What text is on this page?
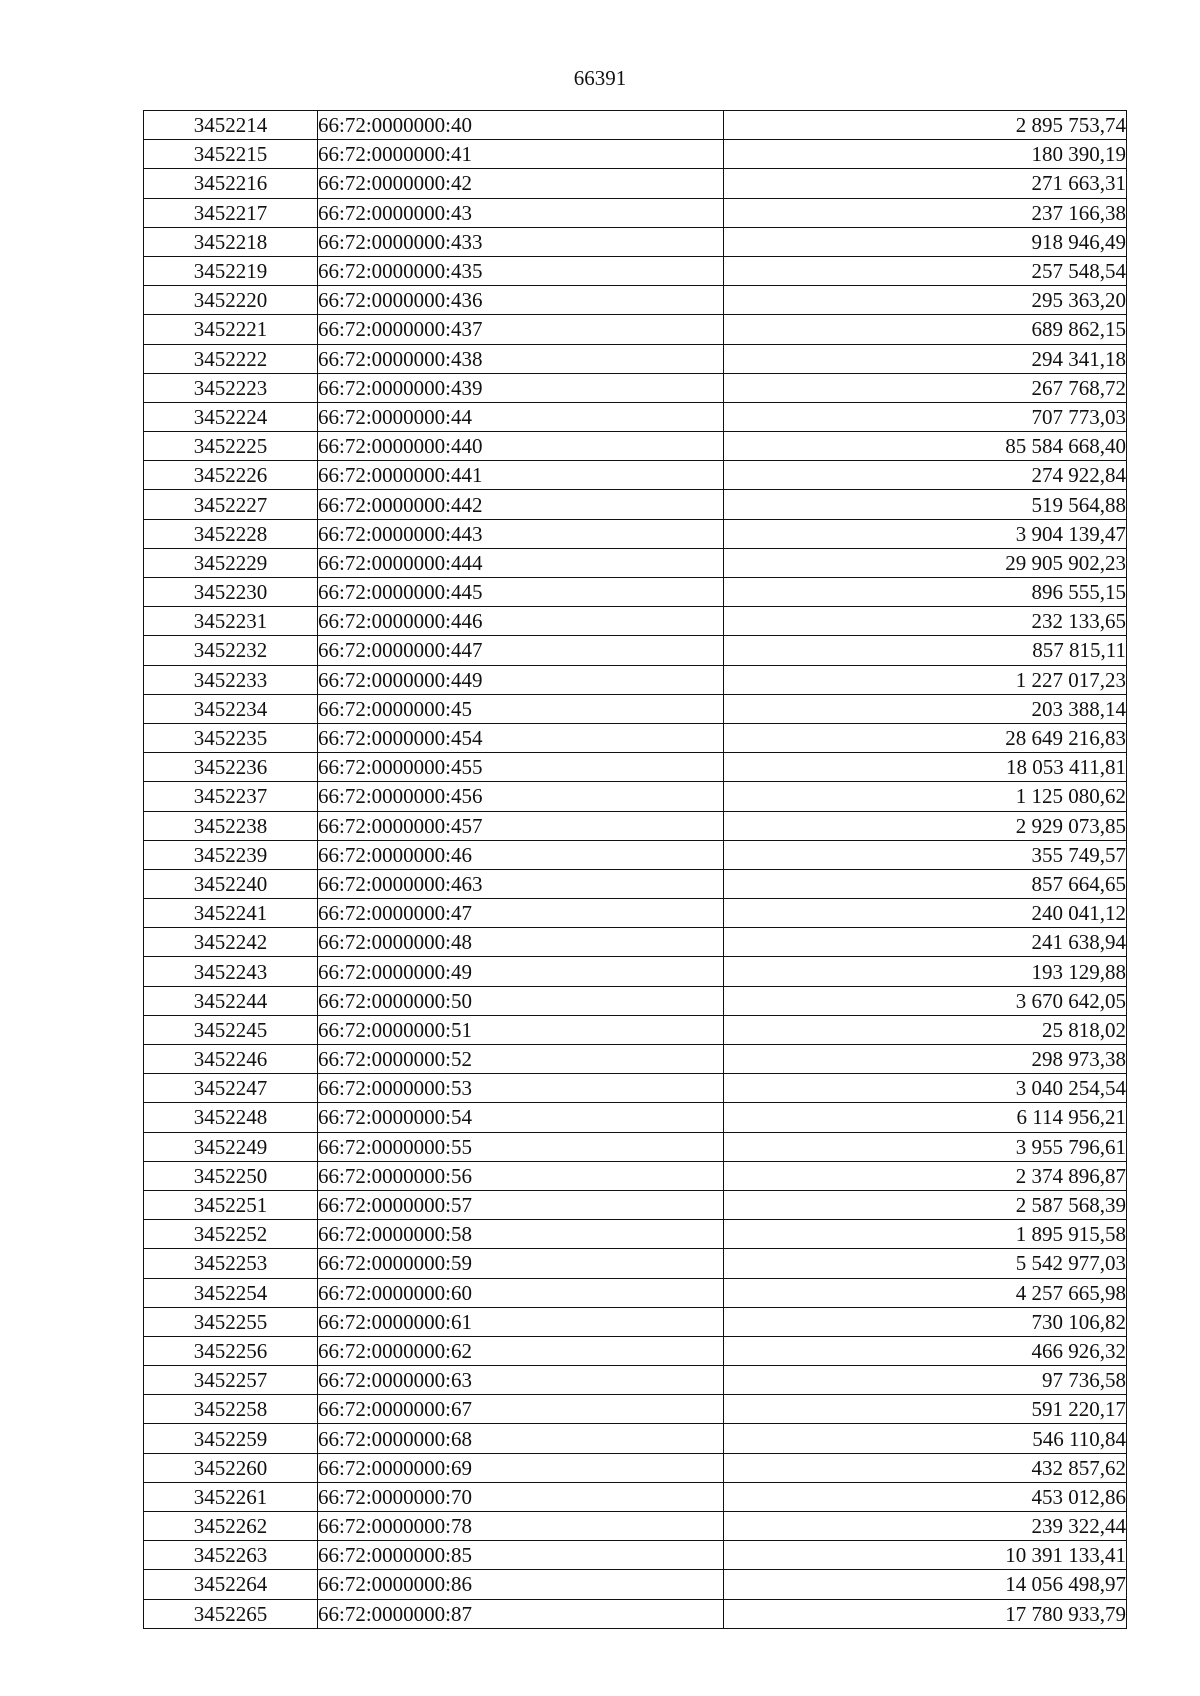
66391
3452214	66:72:0000000:40	2 895 753,74
3452215	66:72:0000000:41	180 390,19
3452216	66:72:0000000:42	271 663,31
3452217	66:72:0000000:43	237 166,38
3452218	66:72:0000000:433	918 946,49
3452219	66:72:0000000:435	257 548,54
3452220	66:72:0000000:436	295 363,20
3452221	66:72:0000000:437	689 862,15
3452222	66:72:0000000:438	294 341,18
3452223	66:72:0000000:439	267 768,72
3452224	66:72:0000000:44	707 773,03
3452225	66:72:0000000:440	85 584 668,40
3452226	66:72:0000000:441	274 922,84
3452227	66:72:0000000:442	519 564,88
3452228	66:72:0000000:443	3 904 139,47
3452229	66:72:0000000:444	29 905 902,23
3452230	66:72:0000000:445	896 555,15
3452231	66:72:0000000:446	232 133,65
3452232	66:72:0000000:447	857 815,11
3452233	66:72:0000000:449	1 227 017,23
3452234	66:72:0000000:45	203 388,14
3452235	66:72:0000000:454	28 649 216,83
3452236	66:72:0000000:455	18 053 411,81
3452237	66:72:0000000:456	1 125 080,62
3452238	66:72:0000000:457	2 929 073,85
3452239	66:72:0000000:46	355 749,57
3452240	66:72:0000000:463	857 664,65
3452241	66:72:0000000:47	240 041,12
3452242	66:72:0000000:48	241 638,94
3452243	66:72:0000000:49	193 129,88
3452244	66:72:0000000:50	3 670 642,05
3452245	66:72:0000000:51	25 818,02
3452246	66:72:0000000:52	298 973,38
3452247	66:72:0000000:53	3 040 254,54
3452248	66:72:0000000:54	6 114 956,21
3452249	66:72:0000000:55	3 955 796,61
3452250	66:72:0000000:56	2 374 896,87
3452251	66:72:0000000:57	2 587 568,39
3452252	66:72:0000000:58	1 895 915,58
3452253	66:72:0000000:59	5 542 977,03
3452254	66:72:0000000:60	4 257 665,98
3452255	66:72:0000000:61	730 106,82
3452256	66:72:0000000:62	466 926,32
3452257	66:72:0000000:63	97 736,58
3452258	66:72:0000000:67	591 220,17
3452259	66:72:0000000:68	546 110,84
3452260	66:72:0000000:69	432 857,62
3452261	66:72:0000000:70	453 012,86
3452262	66:72:0000000:78	239 322,44
3452263	66:72:0000000:85	10 391 133,41
3452264	66:72:0000000:86	14 056 498,97
3452265	66:72:0000000:87	17 780 933,79
